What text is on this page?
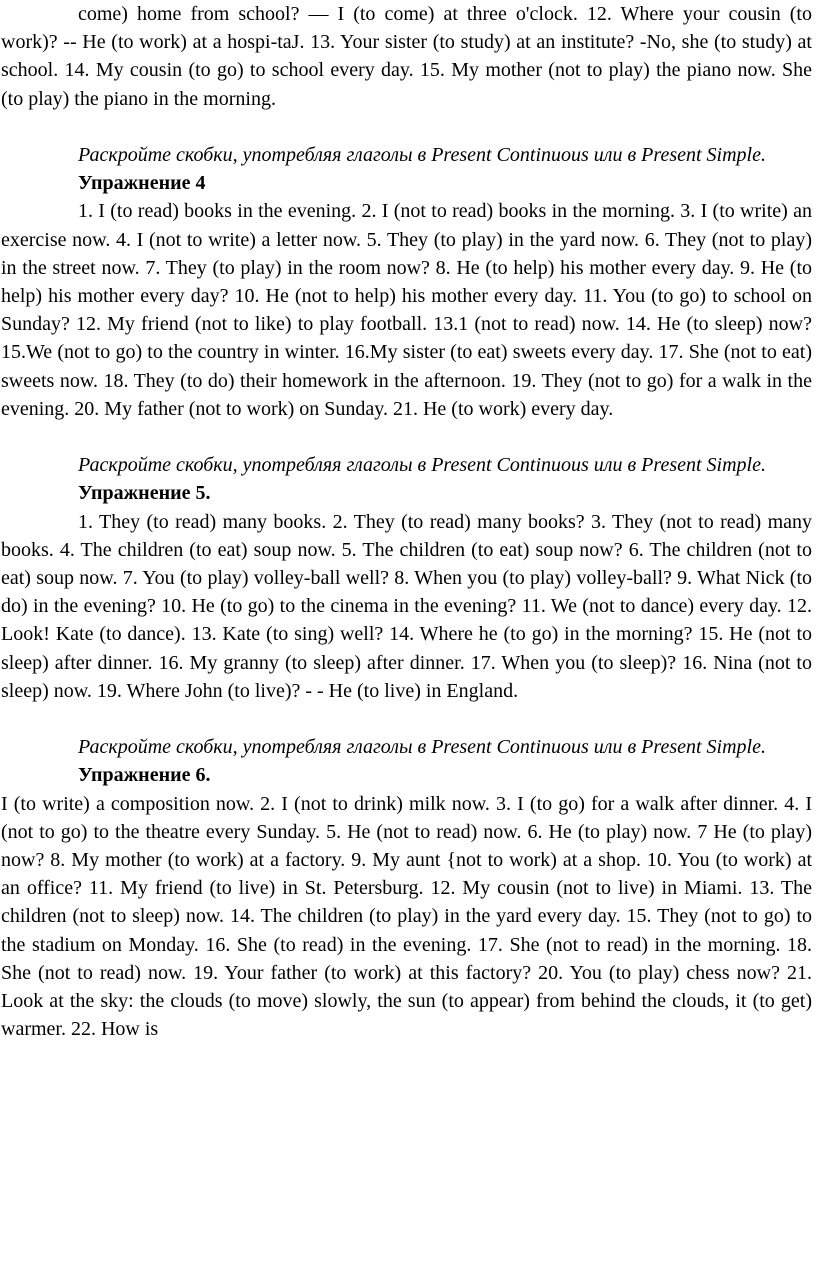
come) home from school? — I (to come) at three o'clock. 12. Where your cousin (to work)? -- He (to work) at a hospi-taJ. 13. Your sister (to study) at an institute? -No, she (to study) at school. 14. My cousin (to go) to school every day. 15. My mother (not to play) the piano now. She (to play) the piano in the morning.

Раскройте скобки, употребляя глаголы в Present Continuous или в Present Simple.

Упражнение 4

1. I (to read) books in the evening. 2. I (not to read) books in the morning. 3. I (to write) an exercise now. 4. I (not to write) a letter now. 5. They (to play) in the yard now. 6. They (not to play) in the street now. 7. They (to play) in the room now? 8. He (to help) his mother every day. 9. He (to help) his mother every day? 10. He (not to help) his mother every day. 11. You (to go) to school on Sunday? 12. My friend (not to like) to play football. 13.1 (not to read) now. 14. He (to sleep) now? 15.We (not to go) to the country in winter. 16.My sister (to eat) sweets every day. 17. She (not to eat) sweets now. 18. They (to do) their homework in the afternoon. 19. They (not to go) for a walk in the evening. 20. My father (not to work) on Sunday. 21. He (to work) every day.

Раскройте скобки, употребляя глаголы в Present Continuous или в Present Simple.

Упражнение 5.

1. They (to read) many books. 2. They (to read) many books? 3. They (not to read) many books. 4. The children (to eat) soup now. 5. The children (to eat) soup now? 6. The children (not to eat) soup now. 7. You (to play) volley-ball well? 8. When you (to play) volley-ball? 9. What Nick (to do) in the evening? 10. He (to go) to the cinema in the evening? 11. We (not to dance) every day. 12. Look! Kate (to dance). 13. Kate (to sing) well? 14. Where he (to go) in the morning? 15. He (not to sleep) after dinner. 16. My granny (to sleep) after dinner. 17. When you (to sleep)? 16. Nina (not to sleep) now. 19. Where John (to live)? - - He (to live) in England.

Раскройте скобки, употребляя глаголы в Present Continuous или в Present Simple.

Упражнение 6.

I (to write) a composition now. 2. I (not to drink) milk now. 3. I (to go) for a walk after dinner. 4. I (not to go) to the theatre every Sunday. 5. He (not to read) now. 6. He (to play) now. 7 He (to play) now? 8. My mother (to work) at a factory. 9. My aunt {not to work) at a shop. 10. You (to work) at an office? 11. My friend (to live) in St. Petersburg. 12. My cousin (not to live) in Miami. 13. The children (not to sleep) now. 14. The children (to play) in the yard every day. 15. They (not to go) to the stadium on Monday. 16. She (to read) in the evening. 17. She (not to read) in the morning. 18. She (not to read) now. 19. Your father (to work) at this factory? 20. You (to play) chess now? 21. Look at the sky: the clouds (to move) slowly, the sun (to appear) from behind the clouds, it (to get) warmer. 22. How is
